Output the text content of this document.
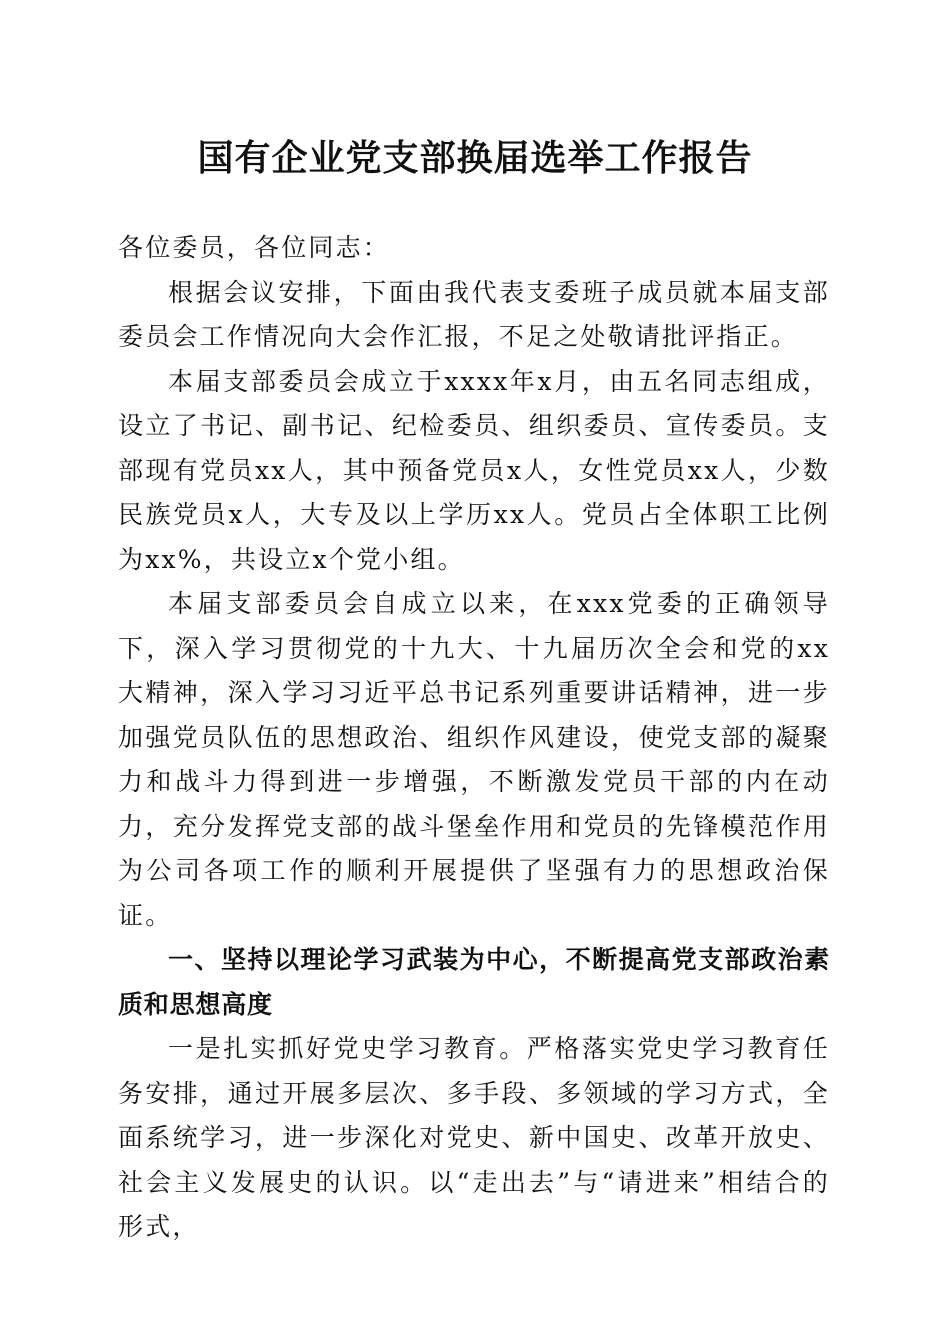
国有企业党支部换届选举工作报告

各位委员，各位同志：

根据会议安排，下面由我代表支委班子成员就本届支部委员会工作情况向大会作汇报，不足之处敬请批评指正。

本届支部委员会成立于xxxx年x月，由五名同志组成，设立了书记、副书记、纪检委员、组织委员、宣传委员。支部现有党员xx人，其中预备党员x人，女性党员xx人，少数民族党员x人，大专及以上学历xx人。党员占全体职工比例为xx%，共设立x个党小组。

本届支部委员会自成立以来，在xxx党委的正确领导下，深入学习贯彻党的十九大、十九届历次全会和党的xx大精神，深入学习习近平总书记系列重要讲话精神，进一步加强党员队伍的思想政治、组织作风建设，使党支部的凝聚力和战斗力得到进一步增强，不断激发党员干部的内在动力，充分发挥党支部的战斗堡垒作用和党员的先锋模范作用为公司各项工作的顺利开展提供了坚强有力的思想政治保证。

一、坚持以理论学习武装为中心，不断提高党支部政治素质和思想高度

一是扎实抓好党史学习教育。严格落实党史学习教育任务安排，通过开展多层次、多手段、多领域的学习方式，全面系统学习，进一步深化对党史、新中国史、改革开放史、社会主义发展史的认识。以“走出去”与“请进来”相结合的形式，
